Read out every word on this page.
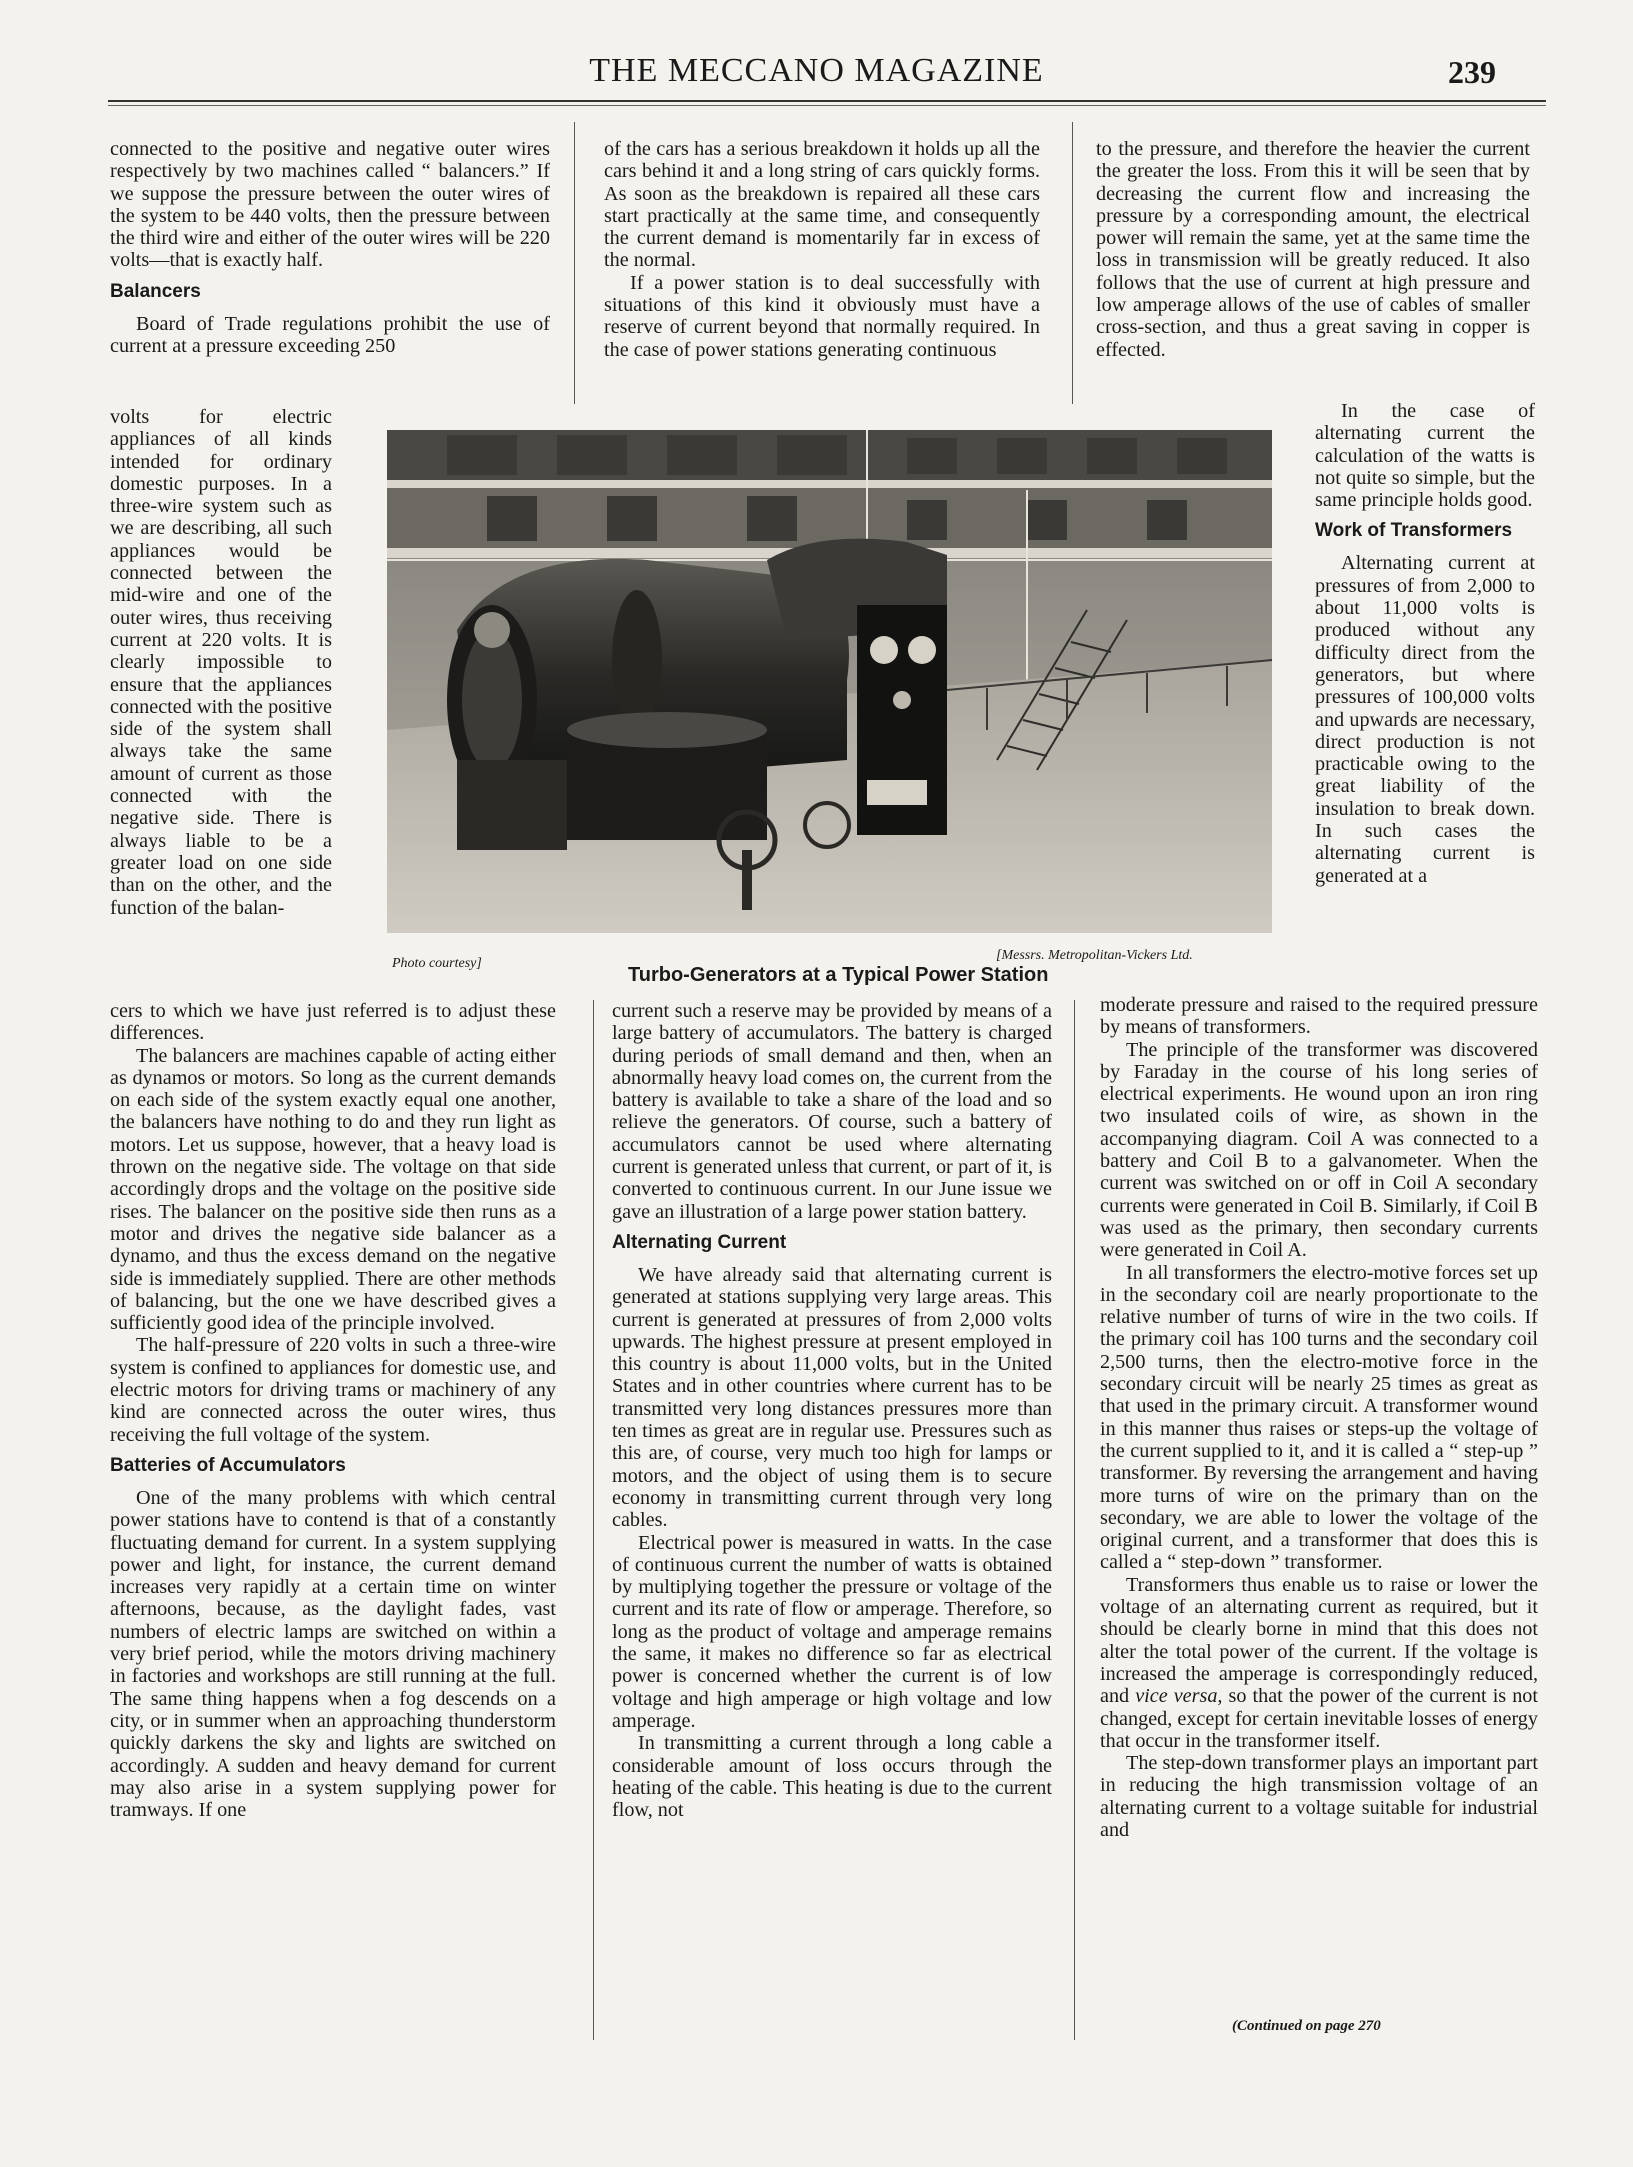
THE MECCANO MAGAZINE	239

connected to the positive and negative outer wires respectively by two machines called “ balancers.” If we suppose the pressure between the outer wires of the system to be 440 volts, then the pressure between the third wire and either of the outer wires will be 220 volts—that is exactly half.

Balancers

Board of Trade regulations prohibit the use of current at a pressure exceeding 250

volts for electric appliances of all kinds intended for ordinary domestic purposes. In a three-wire system such as we are describing, all such appliances would be connected between the mid-wire and one of the outer wires, thus receiving current at 220 volts. It is clearly impossible to ensure that the appliances connected with the positive side of the system shall always take the same amount of current as those connected with the negative side. There is always liable to be a greater load on one side than on the other, and the function of the balan-

cers to which we have just referred is to adjust these differences.

The balancers are machines capable of acting either as dynamos or motors. So long as the current demands on each side of the system exactly equal one another, the balancers have nothing to do and they run light as motors. Let us suppose, however, that a heavy load is thrown on the negative side. The voltage on that side accordingly drops and the voltage on the positive side rises. The balancer on the positive side then runs as a motor and drives the negative side balancer as a dynamo, and thus the excess demand on the negative side is immediately supplied. There are other methods of balancing, but the one we have described gives a sufficiently good idea of the principle involved.

The half-pressure of 220 volts in such a three-wire system is confined to appliances for domestic use, and electric motors for driving trams or machinery of any kind are connected across the outer wires, thus receiving the full voltage of the system.

Batteries of Accumulators

One of the many problems with which central power stations have to contend is that of a constantly fluctuating demand for current. In a system supplying power and light, for instance, the current demand increases very rapidly at a certain time on winter afternoons, because, as the daylight fades, vast numbers of electric lamps are switched on within a very brief period, while the motors driving machinery in factories and workshops are still running at the full. The same thing happens when a fog descends on a city, or in summer when an approaching thunderstorm quickly darkens the sky and lights are switched on accordingly. A sudden and heavy demand for current may also arise in a system supplying power for tramways. If one

of the cars has a serious breakdown it holds up all the cars behind it and a long string of cars quickly forms. As soon as the breakdown is repaired all these cars start practically at the same time, and consequently the current demand is momentarily far in excess of the normal.

If a power station is to deal successfully with situations of this kind it obviously must have a reserve of current beyond that normally required. In the case of power stations generating continuous

current such a reserve may be provided by means of a large battery of accumulators. The battery is charged during periods of small demand and then, when an abnormally heavy load comes on, the current from the battery is available to take a share of the load and so relieve the generators. Of course, such a battery of accumulators cannot be used where alternating current is generated unless that current, or part of it, is converted to continuous current. In our June issue we gave an illustration of a large power station battery.

Alternating Current

We have already said that alternating current is generated at stations supplying very large areas. This current is generated at pressures of from 2,000 volts upwards. The highest pressure at present employed in this country is about 11,000 volts, but in the United States and in other countries where current has to be transmitted very long distances pressures more than ten times as great are in regular use. Pressures such as this are, of course, very much too high for lamps or motors, and the object of using them is to secure economy in transmitting current through very long cables.

Electrical power is measured in watts. In the case of continuous current the number of watts is obtained by multiplying together the pressure or voltage of the current and its rate of flow or amperage. Therefore, so long as the product of voltage and amperage remains the same, it makes no difference so far as electrical power is concerned whether the current is of low voltage and high amperage or high voltage and low amperage.

In transmitting a current through a long cable a considerable amount of loss occurs through the heating of the cable. This heating is due to the current flow, not

to the pressure, and therefore the heavier the current the greater the loss. From this it will be seen that by decreasing the current flow and increasing the pressure by a corresponding amount, the electrical power will remain the same, yet at the same time the loss in transmission will be greatly reduced. It also follows that the use of current at high pressure and low amperage allows of the use of cables of smaller cross-section, and thus a great saving in copper is effected.

In the case of alternating current the calculation of the watts is not quite so simple, but the same principle holds good.

Work of Transformers

Alternating current at pressures of from 2,000 to about 11,000 volts is produced without any difficulty direct from the generators, but where pressures of 100,000 volts and upwards are necessary, direct production is not practicable owing to the great liability of the insulation to break down. In such cases the alternating current is generated at a

moderate pressure and raised to the required pressure by means of transformers.

The principle of the transformer was discovered by Faraday in the course of his long series of electrical experiments. He wound upon an iron ring two insulated coils of wire, as shown in the accompanying diagram. Coil A was connected to a battery and Coil B to a galvanometer. When the current was switched on or off in Coil A secondary currents were generated in Coil B. Similarly, if Coil B was used as the primary, then secondary currents were generated in Coil A.

In all transformers the electro-motive forces set up in the secondary coil are nearly proportionate to the relative number of turns of wire in the two coils. If the primary coil has 100 turns and the secondary coil 2,500 turns, then the electro-motive force in the secondary circuit will be nearly 25 times as great as that used in the primary circuit. A transformer wound in this manner thus raises or steps-up the voltage of the current supplied to it, and it is called a “ step-up ” transformer. By reversing the arrangement and having more turns of wire on the primary than on the secondary, we are able to lower the voltage of the original current, and a transformer that does this is called a “ step-down ” transformer.

Transformers thus enable us to raise or lower the voltage of an alternating current as required, but it should be clearly borne in mind that this does not alter the total power of the current. If the voltage is increased the amperage is correspondingly reduced, and vice versa, so that the power of the current is not changed, except for certain inevitable losses of energy that occur in the transformer itself.

The step-down transformer plays an important part in reducing the high transmission voltage of an alternating current to a voltage suitable for industrial and

(Continued on page 270
Photo courtesy]
[Messrs. Metropolitan-Vickers Ltd.
Turbo-Generators at a Typical Power Station
